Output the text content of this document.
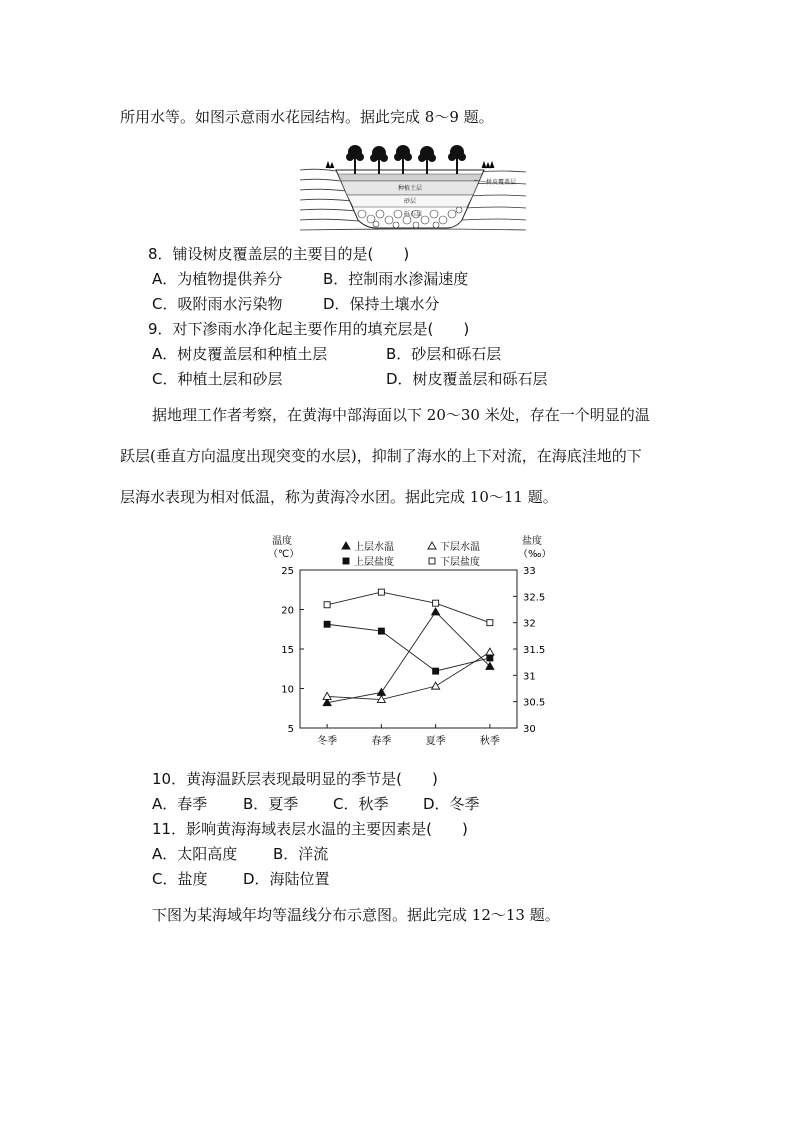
所用水等。如图示意雨水花园结构。据此完成 8～9 题。
种植土层
砂层
砾石层
树皮覆盖层
8．铺设树皮覆盖层的主要目的是(　　)
A．为植物提供养分	B．控制雨水渗漏速度
C．吸附雨水污染物	D．保持土壤水分
9．对下渗雨水净化起主要作用的填充层是(　　)
A．树皮覆盖层和种植土层	B．砂层和砾石层
C．种植土层和砂层	D．树皮覆盖层和砾石层
据地理工作者考察，在黄海中部海面以下 20～30 米处，存在一个明显的温
跃层(垂直方向温度出现突变的水层)，抑制了海水的上下对流，在海底洼地的下
层海水表现为相对低温，称为黄海冷水团。据此完成 10～11 题。
温度
（℃）
盐度
（‰）
5
10
15
20
25
30
30.5
31
31.5
32
32.5
33
冬季	春季	夏季	秋季
上层水温	下层水温
上层盐度	下层盐度
10．黄海温跃层表现最明显的季节是(　　)
A．春季 B．夏季 C．秋季 D．冬季
11．影响黄海海域表层水温的主要因素是(　　)
A．太阳高度 B．洋流
C．盐度 D．海陆位置
下图为某海域年均等温线分布示意图。据此完成 12～13 题。
